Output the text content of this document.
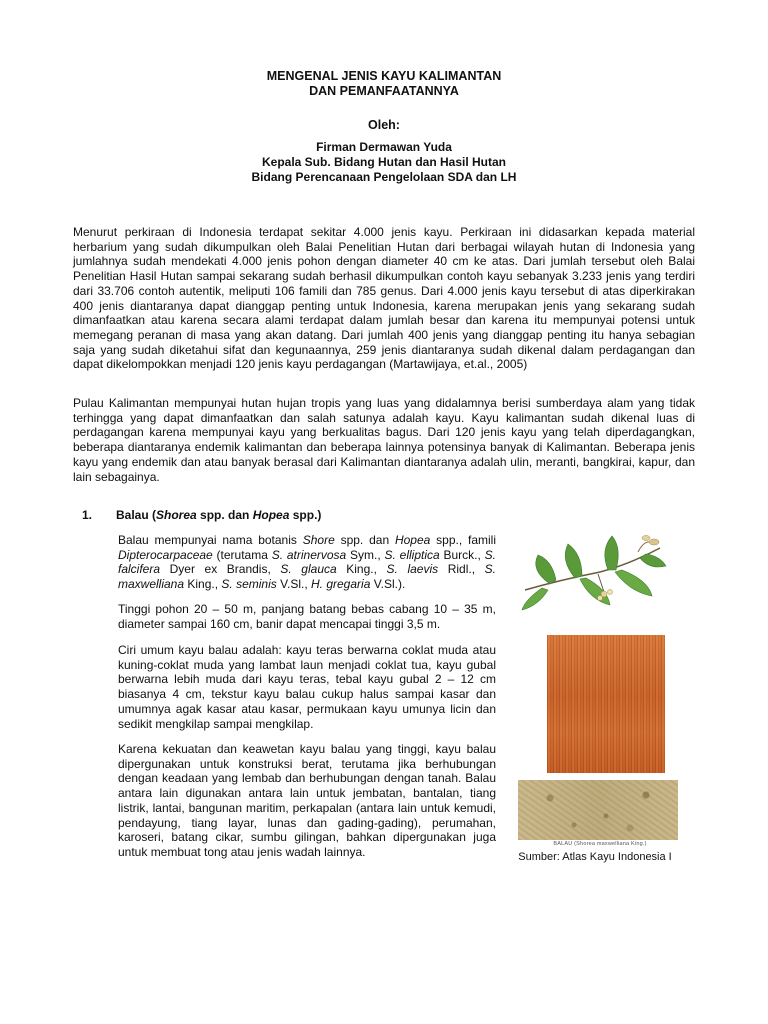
MENGENAL JENIS KAYU KALIMANTAN
DAN PEMANFAATANNYA
Oleh:
Firman Dermawan Yuda
Kepala Sub. Bidang Hutan dan Hasil Hutan
Bidang Perencanaan Pengelolaan SDA dan LH

Menurut perkiraan di Indonesia terdapat sekitar 4.000 jenis kayu. Perkiraan ini didasarkan kepada material herbarium yang sudah dikumpulkan oleh Balai Penelitian Hutan dari berbagai wilayah hutan di Indonesia yang jumlahnya sudah mendekati 4.000 jenis pohon dengan diameter 40 cm ke atas. Dari jumlah tersebut oleh Balai Penelitian Hasil Hutan sampai sekarang sudah berhasil dikumpulkan contoh kayu sebanyak 3.233 jenis yang terdiri dari 33.706 contoh autentik, meliputi 106 famili dan 785 genus. Dari 4.000 jenis kayu tersebut di atas diperkirakan 400 jenis diantaranya dapat dianggap penting untuk Indonesia, karena merupakan jenis yang sekarang sudah dimanfaatkan atau karena secara alami terdapat dalam jumlah besar dan karena itu mempunyai potensi untuk memegang peranan di masa yang akan datang. Dari jumlah 400 jenis yang dianggap penting itu hanya sebagian saja yang sudah diketahui sifat dan kegunaannya, 259 jenis diantaranya sudah dikenal dalam perdagangan dan dapat dikelompokkan menjadi 120 jenis kayu perdagangan (Martawijaya, et.al., 2005)

Pulau Kalimantan mempunyai hutan hujan tropis yang luas yang didalamnya berisi sumberdaya alam yang tidak terhingga yang dapat dimanfaatkan dan salah satunya adalah kayu. Kayu kalimantan sudah dikenal luas di perdagangan karena mempunyai kayu yang berkualitas bagus. Dari 120 jenis kayu yang telah diperdagangkan, beberapa diantaranya endemik kalimantan dan beberapa lainnya potensinya banyak di Kalimantan. Beberapa jenis kayu yang endemik dan atau banyak berasal dari Kalimantan diantaranya adalah ulin, meranti, bangkirai, kapur, dan lain sebagainya.

1. Balau (Shorea spp. dan Hopea spp.)

Balau mempunyai nama botanis Shore spp. dan Hopea spp., famili Dipterocarpaceae (terutama S. atrinervosa Sym., S. elliptica Burck., S. falcifera Dyer ex Brandis, S. glauca King., S. laevis Ridl., S. maxwelliana King., S. seminis V.Sl., H. gregaria V.Sl.).

Tinggi pohon 20 – 50 m, panjang batang bebas cabang 10 – 35 m, diameter sampai 160 cm, banir dapat mencapai tinggi 3,5 m.

Ciri umum kayu balau adalah: kayu teras berwarna coklat muda atau kuning-coklat muda yang lambat laun menjadi coklat tua, kayu gubal berwarna lebih muda dari kayu teras, tebal kayu gubal 2 – 12 cm biasanya 4 cm, tekstur kayu balau cukup halus sampai kasar dan umumnya agak kasar atau kasar, permukaan kayu umunya licin dan sedikit mengkilap sampai mengkilap.

Karena kekuatan dan keawetan kayu balau yang tinggi, kayu balau dipergunakan untuk konstruksi berat, terutama jika berhubungan dengan keadaan yang lembab dan berhubungan dengan tanah. Balau antara lain digunakan antara lain untuk jembatan, bantalan, tiang listrik, lantai, bangunan maritim, perkapalan (antara lain untuk kemudi, pendayung, tiang layar, lunas dan gading-gading), perumahan, karoseri, batang cikar, sumbu gilingan, bahkan dipergunakan juga untuk membuat tong atau jenis wadah lainnya.

BALAU (Shorea maxwelliana King.)
Sumber: Atlas Kayu Indonesia I
